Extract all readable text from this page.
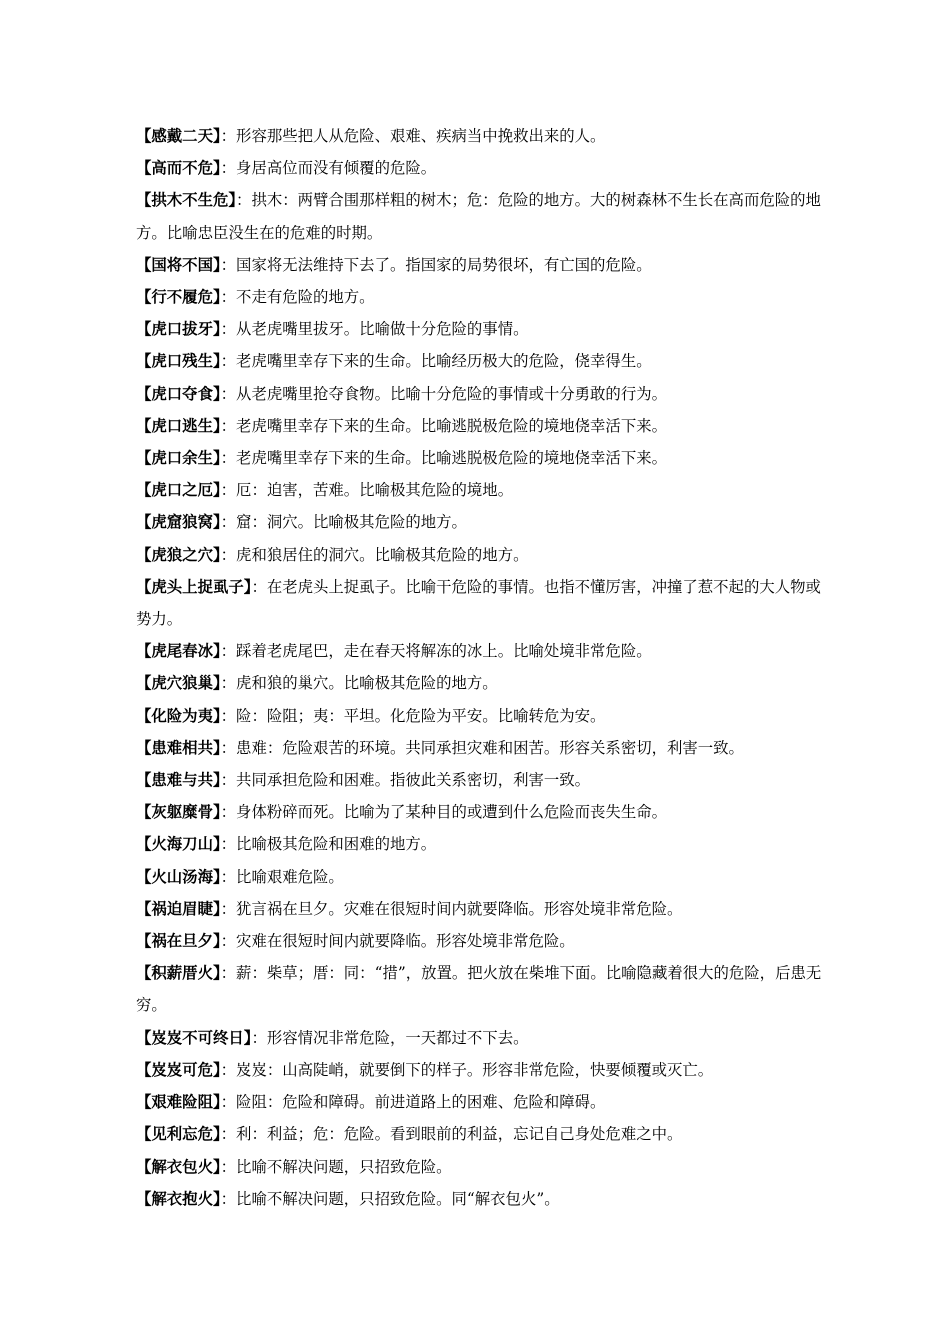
【感戴二天】：形容那些把人从危险、艰难、疾病当中挽救出来的人。
【高而不危】：身居高位而没有倾覆的危险。
【拱木不生危】：拱木：两臂合围那样粗的树木；危：危险的地方。大的树森林不生长在高而危险的地方。比喻忠臣没生在的危难的时期。
【国将不国】：国家将无法维持下去了。指国家的局势很坏，有亡国的危险。
【行不履危】：不走有危险的地方。
【虎口拔牙】：从老虎嘴里拔牙。比喻做十分危险的事情。
【虎口残生】：老虎嘴里幸存下来的生命。比喻经历极大的危险，侥幸得生。
【虎口夺食】：从老虎嘴里抢夺食物。比喻十分危险的事情或十分勇敢的行为。
【虎口逃生】：老虎嘴里幸存下来的生命。比喻逃脱极危险的境地侥幸活下来。
【虎口余生】：老虎嘴里幸存下来的生命。比喻逃脱极危险的境地侥幸活下来。
【虎口之厄】：厄：迫害，苦难。比喻极其危险的境地。
【虎窟狼窝】：窟：洞穴。比喻极其危险的地方。
【虎狼之穴】：虎和狼居住的洞穴。比喻极其危险的地方。
【虎头上捉虱子】：在老虎头上捉虱子。比喻干危险的事情。也指不懂厉害，冲撞了惹不起的大人物或势力。
【虎尾春冰】：踩着老虎尾巴，走在春天将解冻的冰上。比喻处境非常危险。
【虎穴狼巢】：虎和狼的巢穴。比喻极其危险的地方。
【化险为夷】：险：险阻；夷：平坦。化危险为平安。比喻转危为安。
【患难相共】：患难：危险艰苦的环境。共同承担灾难和困苦。形容关系密切，利害一致。
【患难与共】：共同承担危险和困难。指彼此关系密切，利害一致。
【灰躯糜骨】：身体粉碎而死。比喻为了某种目的或遭到什么危险而丧失生命。
【火海刀山】：比喻极其危险和困难的地方。
【火山汤海】：比喻艰难危险。
【祸迫眉睫】：犹言祸在旦夕。灾难在很短时间内就要降临。形容处境非常危险。
【祸在旦夕】：灾难在很短时间内就要降临。形容处境非常危险。
【积薪厝火】：薪：柴草；厝：同：“措”，放置。把火放在柴堆下面。比喻隐藏着很大的危险，后患无穷。
【岌岌不可终日】：形容情况非常危险，一天都过不下去。
【岌岌可危】：岌岌：山高陡峭，就要倒下的样子。形容非常危险，快要倾覆或灭亡。
【艰难险阻】：险阻：危险和障碍。前进道路上的困难、危险和障碍。
【见利忘危】：利：利益；危：危险。看到眼前的利益，忘记自己身处危难之中。
【解衣包火】：比喻不解决问题，只招致危险。
【解衣抱火】：比喻不解决问题，只招致危险。同“解衣包火”。
